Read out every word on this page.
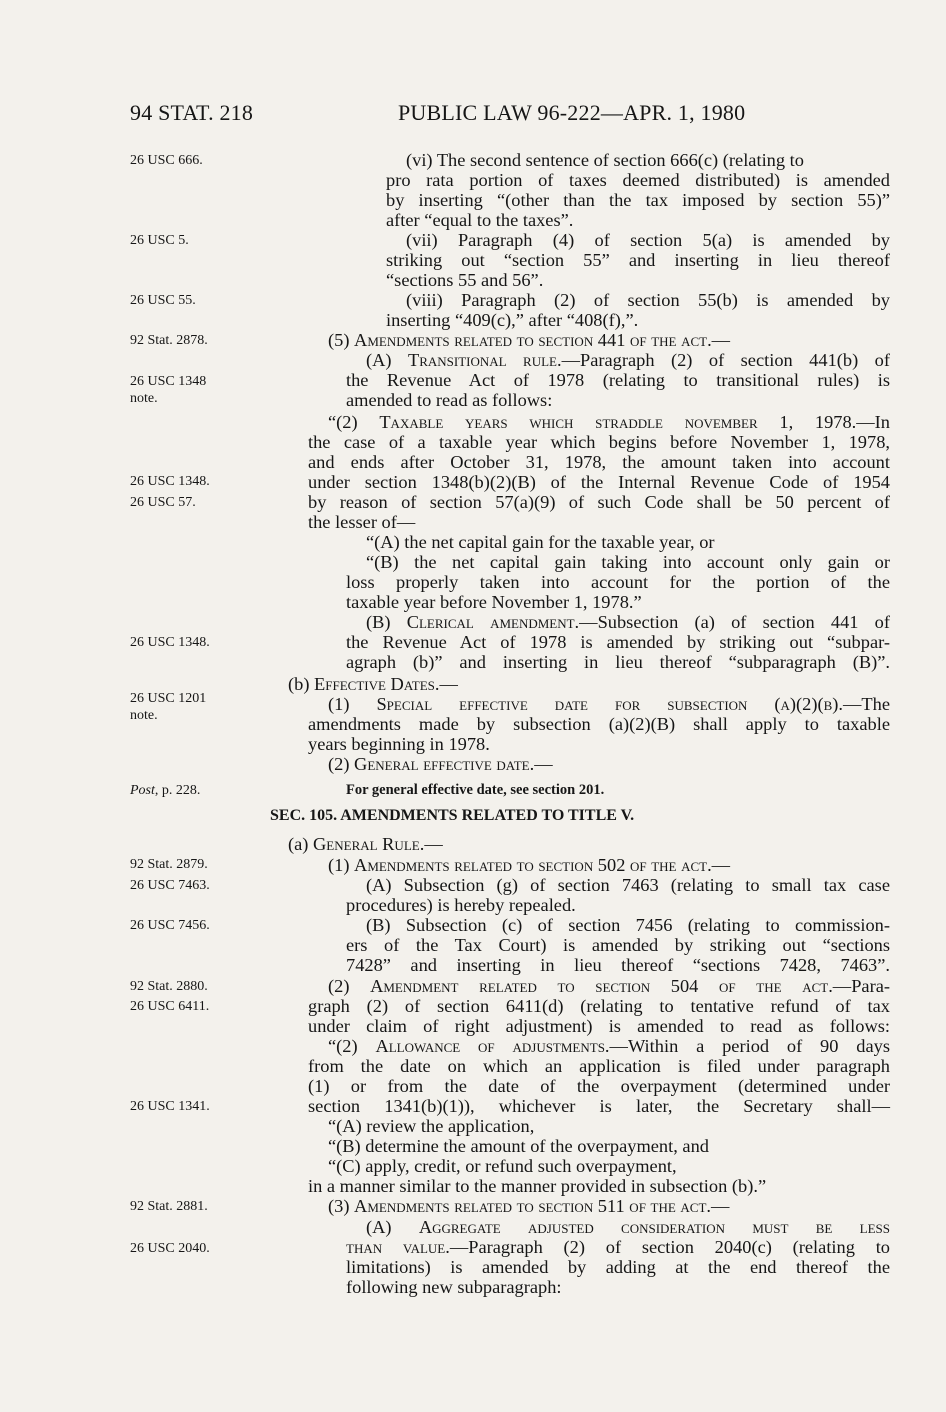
94 STAT. 218	PUBLIC LAW 96-222—APR. 1, 1980
26 USC 666.
26 USC 5.
26 USC 55.
92 Stat. 2878.
26 USC 1348
note.
26 USC 1348.
26 USC 57.
26 USC 1348.
26 USC 1201
note.
Post, p. 228.
92 Stat. 2879.
26 USC 7463.
26 USC 7456.
92 Stat. 2880.
26 USC 6411.
26 USC 1341.
92 Stat. 2881.
26 USC 2040.
(vi) The second sentence of section 666(c) (relating to
pro rata portion of taxes deemed distributed) is amended
by inserting “(other than the tax imposed by section 55)”
after “equal to the taxes”.
(vii) Paragraph (4) of section 5(a) is amended by
striking out “section 55” and inserting in lieu thereof
“sections 55 and 56”.
(viii) Paragraph (2) of section 55(b) is amended by
inserting “409(c),” after “408(f),”.
(5) Amendments related to section 441 of the act.—
(A) Transitional rule.—Paragraph (2) of section 441(b) of
the Revenue Act of 1978 (relating to transitional rules) is
amended to read as follows:
“(2) Taxable years which straddle november 1, 1978.—In
the case of a taxable year which begins before November 1, 1978,
and ends after October 31, 1978, the amount taken into account
under section 1348(b)(2)(B) of the Internal Revenue Code of 1954
by reason of section 57(a)(9) of such Code shall be 50 percent of
the lesser of—
“(A) the net capital gain for the taxable year, or
“(B) the net capital gain taking into account only gain or
loss properly taken into account for the portion of the
taxable year before November 1, 1978.”
(B) Clerical amendment.—Subsection (a) of section 441 of
the Revenue Act of 1978 is amended by striking out “subpar-
agraph (b)” and inserting in lieu thereof “subparagraph (B)”.
(b) Effective Dates.—
(1) Special effective date for subsection (a)(2)(b).—The
amendments made by subsection (a)(2)(B) shall apply to taxable
years beginning in 1978.
(2) General effective date.—
For general effective date, see section 201.
SEC. 105. AMENDMENTS RELATED TO TITLE V.
(a) General Rule.—
(1) Amendments related to section 502 of the act.—
(A) Subsection (g) of section 7463 (relating to small tax case
procedures) is hereby repealed.
(B) Subsection (c) of section 7456 (relating to commission-
ers of the Tax Court) is amended by striking out “sections
7428” and inserting in lieu thereof “sections 7428, 7463”.
(2) Amendment related to section 504 of the act.—Para-
graph (2) of section 6411(d) (relating to tentative refund of tax
under claim of right adjustment) is amended to read as follows:
“(2) Allowance of adjustments.—Within a period of 90 days
from the date on which an application is filed under paragraph
(1) or from the date of the overpayment (determined under
section 1341(b)(1)), whichever is later, the Secretary shall—
“(A) review the application,
“(B) determine the amount of the overpayment, and
“(C) apply, credit, or refund such overpayment,
in a manner similar to the manner provided in subsection (b).”
(3) Amendments related to section 511 of the act.—
(A) Aggregate adjusted consideration must be less
than value.—Paragraph (2) of section 2040(c) (relating to
limitations) is amended by adding at the end thereof the
following new subparagraph:
